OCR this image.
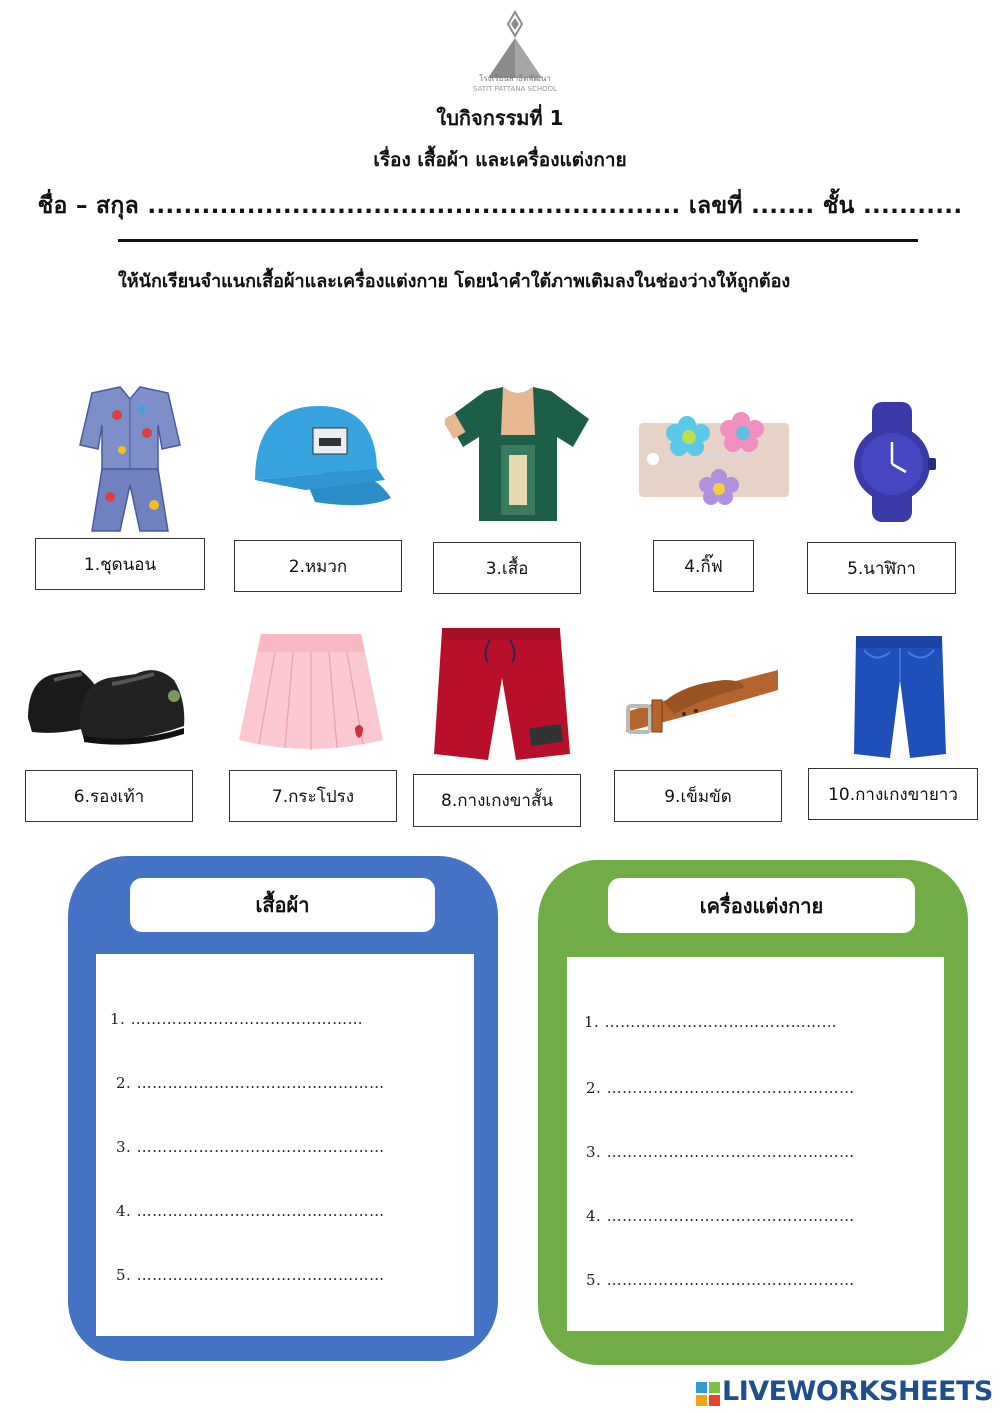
โรงเรียนสาธิตพัฒนา
SATIT PATTANA SCHOOL
ใบกิจกรรมที่ 1
เรื่อง เสื้อผ้า และเครื่องแต่งกาย
ชื่อ – สกุล ........................................................... เลขที่ ....... ชั้น ...........
ให้นักเรียนจำแนกเสื้อผ้าและเครื่องแต่งกาย โดยนำคำใต้ภาพเติมลงในช่องว่างให้ถูกต้อง
1.ชุดนอน	2.หมวก	3.เสื้อ	4.กิ๊ฟ	5.นาฬิกา
6.รองเท้า	7.กระโปรง	8.กางเกงขาสั้น	9.เข็มขัด	10.กางเกงขายาว
เสื้อผ้า
1. ………………………………………
2. …………………………………………
3. …………………………………………
4. …………………………………………
5. …………………………………………
เครื่องแต่งกาย
1. ………………………………………
2. …………………………………………
3. …………………………………………
4. …………………………………………
5. …………………………………………
LIVEWORKSHEETS
